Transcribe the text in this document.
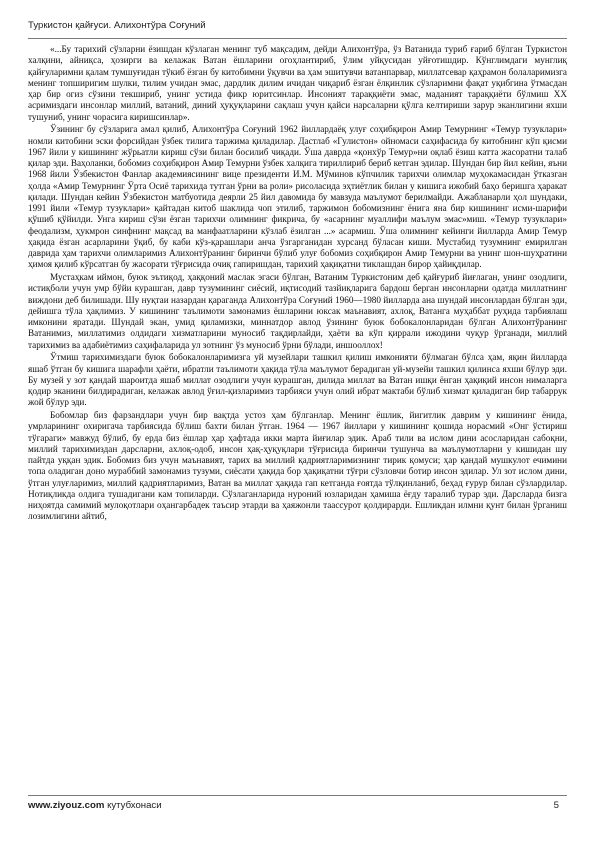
Туркистон қайғуси. Алихонтўра Соғуний

«...Бу тарихий сўзларни ёзишдан кўзлаган менинг туб мақсадим, дейди Алихонтўра, ўз Ватанида туриб ғариб бўлган Туркистон халқини, айниқса, ҳозирги ва келажак Ватан ёшларини огоҳлантириб, ўлим уйқусидан уйғотишдир. Кўнглимдаги мунглиқ қайғуларимни қалам тумшуғидан тўкиб ёзган бу китобимни ўқувчи ва ҳам эшитувчи ватанпарвар, миллатсевар қаҳрамон болаларимизга менинг топширигим шулки, тилим учидан эмас, дардлик дилим ичидан чиқариб ёзган ёлқинлик сўзларимни фақат уқибгина ўтмасдан ҳар бир огиз сўзини текшириб, унинг устида фикр юритсинлар. Инсоният тараққиёти эмас, маданият тараққиёти бўлмиш XX асримиздаги инсонлар миллий, ватаний, диний ҳуқуқларини сақлаш учун қайси нарсаларни қўлга келтириши зарур эканлигини яхши тушуниб, унинг чорасига киришсинлар».

Ўзининг бу сўзларига амал қилиб, Алихонтўра Соғуний 1962 йиллардаёқ улуғ соҳибқирон Амир Темурнинг «Темур тузуклари» номли китобини эски форсийдан ўзбек тилига таржима қиладилар. Дастлаб «Гулистон» ойномаси саҳифасида бу китобнинг кўп қисми 1967 йили у кишининг жўрьатли кириш сўзи билан босилиб чиқади. Ўша даврда «қонхўр Темур»ни оқлаб ёзиш катта жасоратни талаб қилар эди. Ваҳоланки, бобомиз соҳибқирон Амир Темурни ўзбек халқига тириллириб бериб кетган эдилар. Шундан бир йил кейин, яъни 1968 йили Ўзбекистон Фанлар академиясининг вице президенти И.М. Мўминов кўпчилик тарихчи олимлар муҳокамасидан ўтказган ҳолда «Амир Темурнинг Ўрта Осиё тарихида тутган ўрни ва роли» рисоласида эҳтиётлик билан у кишига ижобий баҳо беришга ҳаракат қилади. Шундан кейин Ўзбекистон матбуотида деярли 25 йил давомида бу мавзуда маълумот берилмайди. Ажабланарли ҳол шундаки, 1991 йили «Темур тузуклари» қайтадан китоб шаклида чоп этилиб, таржимон бобомизнинг ёнига яна бир кишининг исми-шарифи қўшиб қўйилди. Унга кириш сўзи ёзган тарихчи олимнинг фикрича, бу «асарнинг муаллифи маълум эмас»миш. «Темур тузуклари» феодализм, ҳукмрон синфнинг мақсад ва манфаатларини кўзлаб ёзилган ...» асармиш. Ўша олимнинг кейинги йилларда Амир Темур ҳақида ёзган асарларини ўқиб, бу каби кўз-қарашлари анча ўзгарганидан хурсанд бўласан киши. Мустабид тузумнинг емирилган даврида ҳам тарихчи олимларимиз Алихонтўранинг биринчи бўлиб улуғ бобомиз соҳибқирон Амир Темурни ва унинг шон-шуҳратини ҳимоя қилиб кўрсатган бу жасорати тўғрисида очиқ гапиришдан, тарихий ҳақиқатни тиклашдан бирор ҳайиқдилар.

Мустаҳкам иймон, буюк эътиқод, ҳаққоний маслак эгаси бўлган, Ватаним Туркистоним деб қайғуриб йиғлаган, унинг озодлиги, истиқболи учун умр бўйи курашган, давр тузумининг сиёсий, иқтисодий тазйиқларига бардош берган инсонларни одатда миллатнинг виждони деб билишади. Шу нуқтаи назардан қараганда Алихонтўра Соғуний 1960—1980 йилларда ана шундай инсонлардан бўлган эди, дейишга тўла ҳақлимиз. У кишининг таълимоти замонамиз ёшларини юксак маънавият, ахлоқ, Ватанга муҳаббат руҳида тарбиялаш имконини яратади. Шундай экан, умид қиламизки, миннатдор авлод ўзининг буюк бобокалонларидан бўлган Алихонтўранинг Ватанимиз, миллатимиз олдидаги хизматларини муносиб тақдирлайди, ҳаёти ва кўп қиррали ижодини чуқур ўрганади, миллий тарихимиз ва адабиётимиз саҳифаларида ул зотнинг ўз муносиб ўрни бўлади, иншооллох!

Ўтмиш тарихимиздаги буюк бобокалонларимизга уй музейлари ташкил қилиш имконияти бўлмаган бўлса ҳам, яқин йилларда яшаб ўтган бу кишига шарафли ҳаёти, ибратли таълимоти ҳақида тўла маълумот берадиган уй-музейи ташкил қилинса яхши бўлур эди. Бу музей у зот қандай шароитда яшаб миллат озодлиги учун курашган, дилида миллат ва Ватан ишқи ёнган ҳақиқий инсон нималарга қодир эканини билдирадиган, келажак авлод ўғил-қизларимиз тарбияси учун олий ибрат мактаби бўлиб хизмат қиладиган бир табаррук жой бўлур эди.

Бобомлар биз фарзандлари учун бир вақтда устоз ҳам бўлганлар. Менинг ёшлик, йигитлик даврим у кишининг ёнида, умрларининг охиригача тарбиясида бўлиш бахти билан ўтган. 1964 — 1967 йиллари у кишининг қошида норасмий «Онг ўстириш тўгараги» мавжуд бўлиб, бу ерда биз ёшлар ҳар ҳафтада икки марта йиғилар эдик. Араб тили ва ислом дини асосларидан сабоқни, миллий тарихимиздан дарсларни, ахлоқ-одоб, инсон ҳақ-ҳуқуқлари тўғрисида биринчи тушунча ва маълумотларни у кишидан шу пайтда уққан эдик. Бобомиз биз учун маънавият, тарих ва миллий қадриятларимизнинг тирик қомуси; ҳар қандай мушкулот ечимини топа оладиган доно мураббий замонамиз тузуми, сиёсати ҳақида бор ҳақиқатни тўғри сўзловчи ботир инсон эдилар. Ул зот ислом дини, ўтган улуғларимиз, миллий қадриятларимиз, Ватан ва миллат ҳақида гап кетганда ғоятда тўлқинланиб, беҳад ғурур билан сўзлардилар. Нотиқликда олдига тушадигани кам топиларди. Сўзлаганларида нуроний юзларидан ҳамиша ёғду таралиб турар эди. Дарсларда бизга ниҳоятда самимий мулоқотлари оҳангарбадек таъсир этарди ва ҳаяжонли таассурот қолдирарди. Ешликдан илмни қунт билан ўрганиш лозимлигини айтиб,

www.ziyouz.com кутубхонаси	5
